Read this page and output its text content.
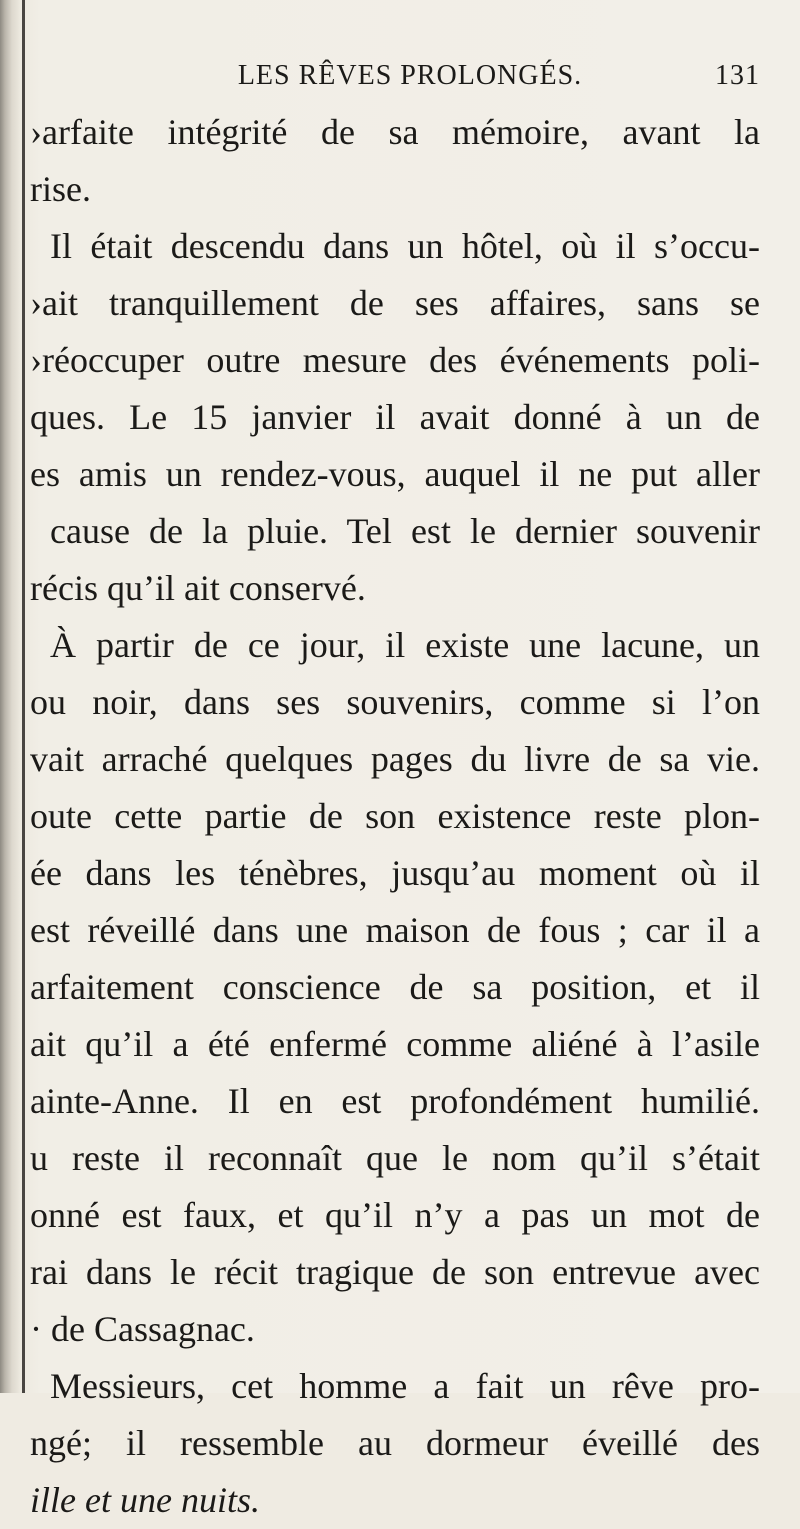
LES RÊVES PROLONGÉS.	131
›arfaite intégrité de sa mémoire, avant la
rise.
Il était descendu dans un hôtel, où il s’occu-
›ait tranquillement de ses affaires, sans se
›réoccuper outre mesure des événements poli-
ques. Le 15 janvier il avait donné à un de
es amis un rendez-vous, auquel il ne put aller
cause de la pluie. Tel est le dernier souvenir
récis qu’il ait conservé.
À partir de ce jour, il existe une lacune, un
ou noir, dans ses souvenirs, comme si l’on
vait arraché quelques pages du livre de sa vie.
oute cette partie de son existence reste plon-
ée dans les ténèbres, jusqu’au moment où il
est réveillé dans une maison de fous ; car il a
arfaitement conscience de sa position, et il
ait qu’il a été enfermé comme aliéné à l’asile
ainte-Anne. Il en est profondément humilié.
u reste il reconnaît que le nom qu’il s’était
onné est faux, et qu’il n’y a pas un mot de
rai dans le récit tragique de son entrevue avec
· de Cassagnac.
Messieurs, cet homme a fait un rêve pro-
ngé; il ressemble au dormeur éveillé des
ille et une nuits.
